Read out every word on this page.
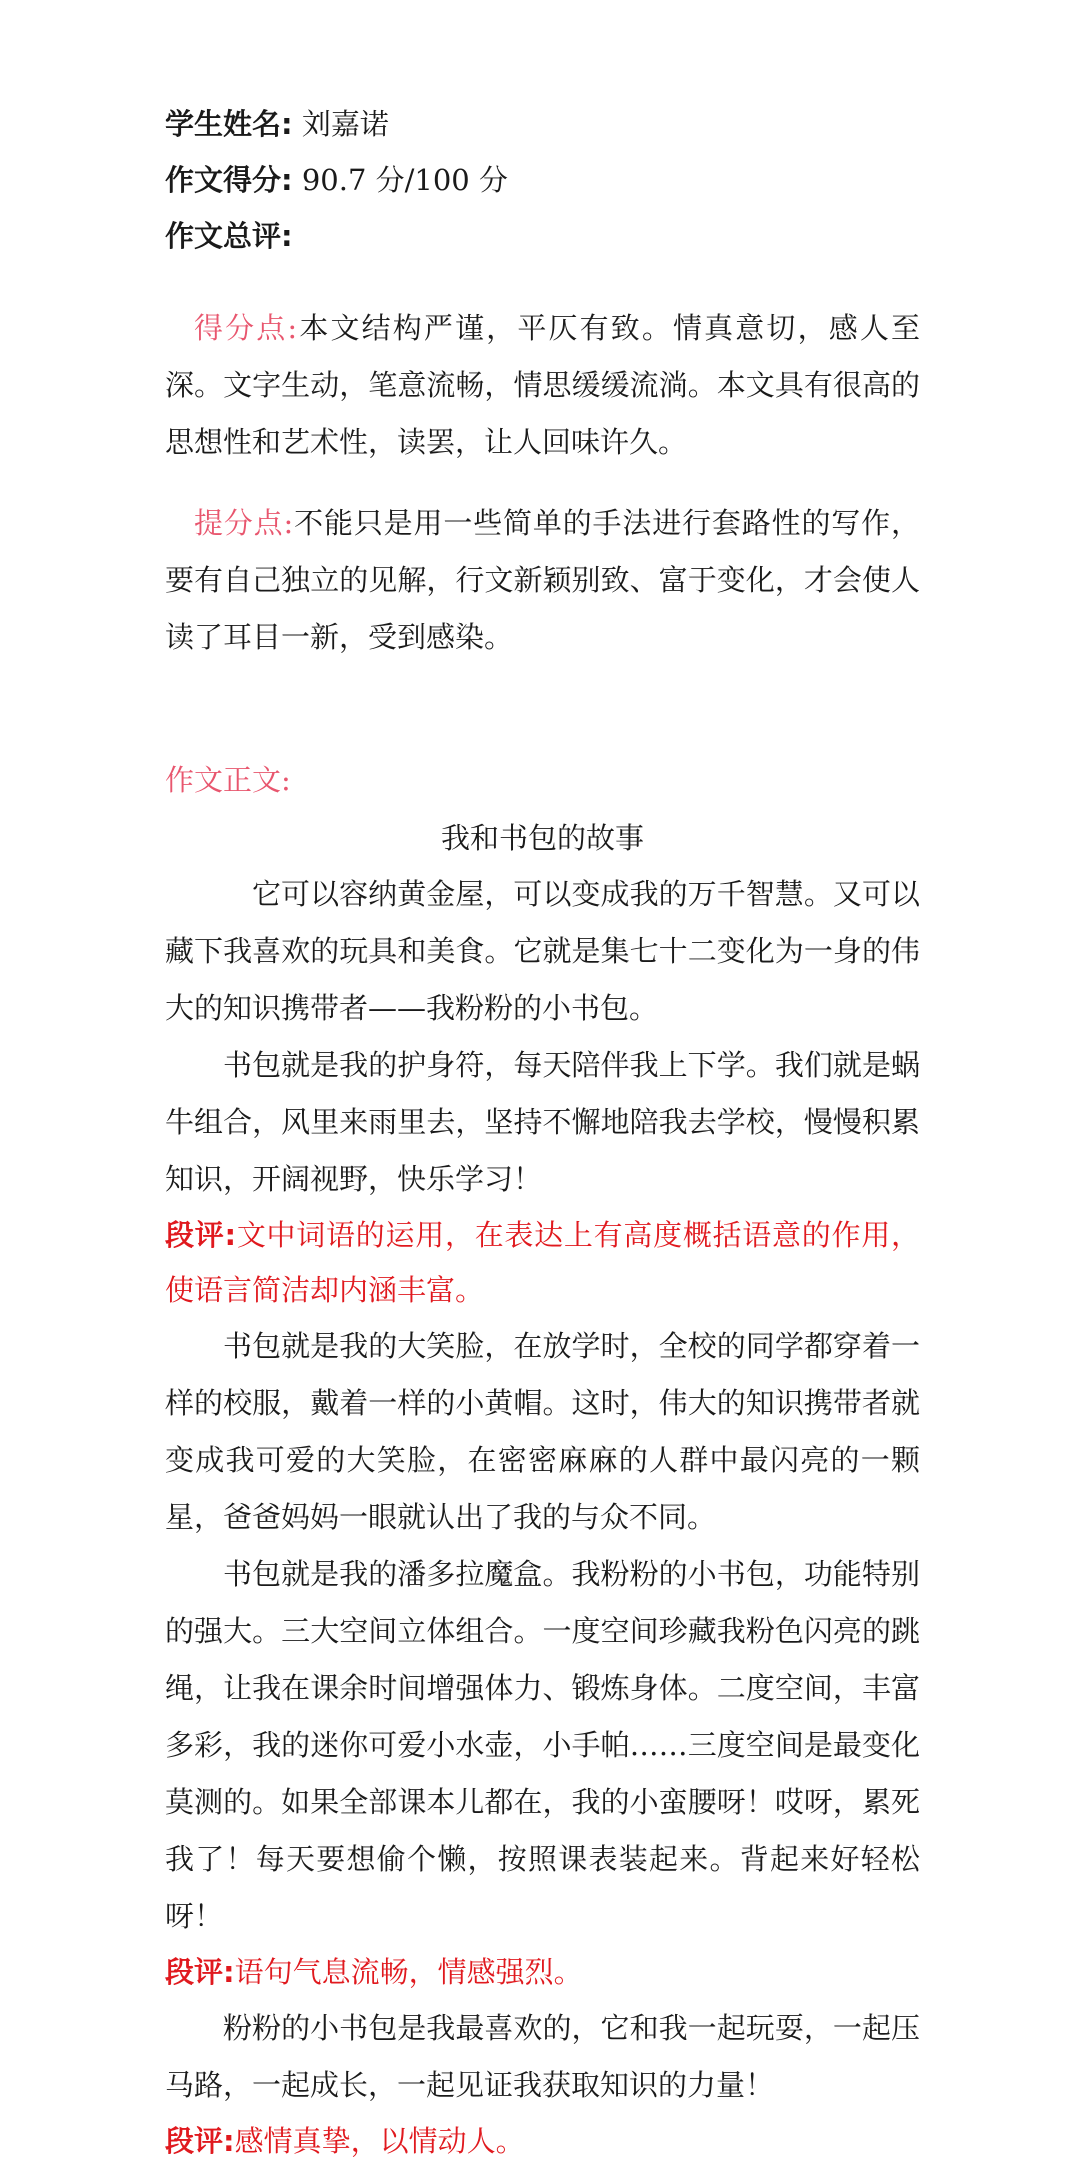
学生姓名: 刘嘉诺
作文得分: 90.7 分/100 分
作文总评:
得分点:本文结构严谨，平仄有致。情真意切，感人至深。文字生动，笔意流畅，情思缓缓流淌。本文具有很高的思想性和艺术性，读罢，让人回味许久。
提分点:不能只是用一些简单的手法进行套路性的写作，要有自己独立的见解，行文新颖别致、富于变化，才会使人读了耳目一新，受到感染。
作文正文:
我和书包的故事
它可以容纳黄金屋，可以变成我的万千智慧。又可以藏下我喜欢的玩具和美食。它就是集七十二变化为一身的伟大的知识携带者——我粉粉的小书包。
书包就是我的护身符，每天陪伴我上下学。我们就是蜗牛组合，风里来雨里去，坚持不懈地陪我去学校，慢慢积累知识，开阔视野，快乐学习！
段评:文中词语的运用，在表达上有高度概括语意的作用，使语言简洁却内涵丰富。
书包就是我的大笑脸，在放学时，全校的同学都穿着一样的校服，戴着一样的小黄帽。这时，伟大的知识携带者就变成我可爱的大笑脸，在密密麻麻的人群中最闪亮的一颗星，爸爸妈妈一眼就认出了我的与众不同。
书包就是我的潘多拉魔盒。我粉粉的小书包，功能特别的强大。三大空间立体组合。一度空间珍藏我粉色闪亮的跳绳，让我在课余时间增强体力、锻炼身体。二度空间，丰富多彩，我的迷你可爱小水壶，小手帕……三度空间是最变化莫测的。如果全部课本儿都在，我的小蛮腰呀！哎呀，累死我了！每天要想偷个懒，按照课表装起来。背起来好轻松呀！
段评:语句气息流畅，情感强烈。
粉粉的小书包是我最喜欢的，它和我一起玩耍，一起压马路，一起成长，一起见证我获取知识的力量！
段评:感情真挚，以情动人。
